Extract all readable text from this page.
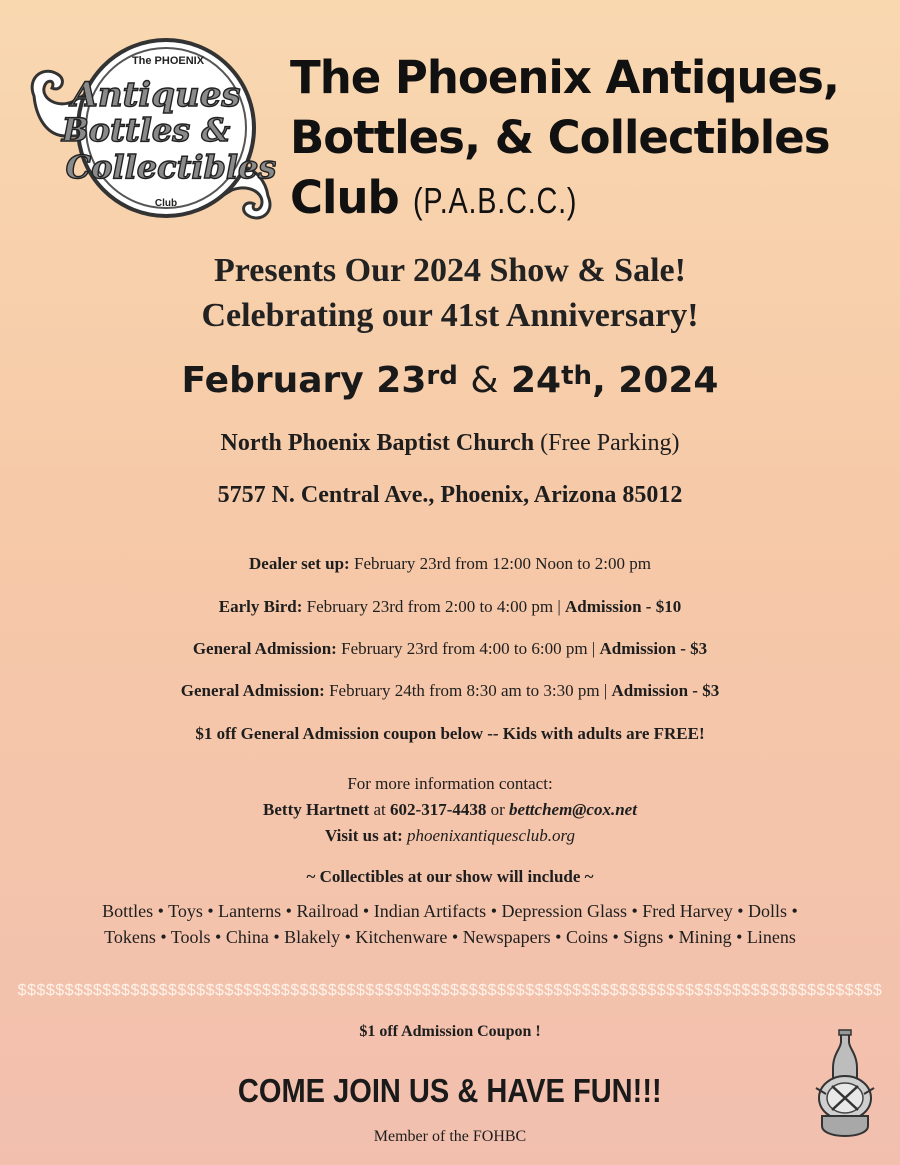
The PHOENIX
Antiques
Bottles &
Collectibles
Club
The Phoenix Antiques,
Bottles, & Collectibles
Club (P.A.B.C.C.)
Presents Our 2024 Show & Sale!
Celebrating our 41st Anniversary!
February 23rd & 24th, 2024
North Phoenix Baptist Church (Free Parking)
5757 N. Central Ave., Phoenix, Arizona 85012
Dealer set up: February 23rd from 12:00 Noon to 2:00 pm
Early Bird: February 23rd from 2:00 to 4:00 pm | Admission - $10
General Admission: February 23rd from 4:00 to 6:00 pm | Admission - $3
General Admission: February 24th from 8:30 am to 3:30 pm | Admission - $3
$1 off General Admission coupon below -- Kids with adults are FREE!
For more information contact:
Betty Hartnett at 602-317-4438 or bettchem@cox.net
Visit us at: phoenixantiquesclub.org
~ Collectibles at our show will include ~
Bottles • Toys • Lanterns • Railroad • Indian Artifacts • Depression Glass • Fred Harvey • Dolls •
Tokens • Tools • China • Blakely • Kitchenware • Newspapers • Coins • Signs • Mining • Linens
$$$$$$$$$$$$$$$$$$$$$$$$$$$$$$$$$$$$$$$$$$$$$$$$$$$$$$$$$$$$$$$$$$$$$$$$$$$$$$$$$$$$$$$$$$$$
$1 off Admission Coupon !
COME JOIN US & HAVE FUN!!!
Member of the FOHBC
